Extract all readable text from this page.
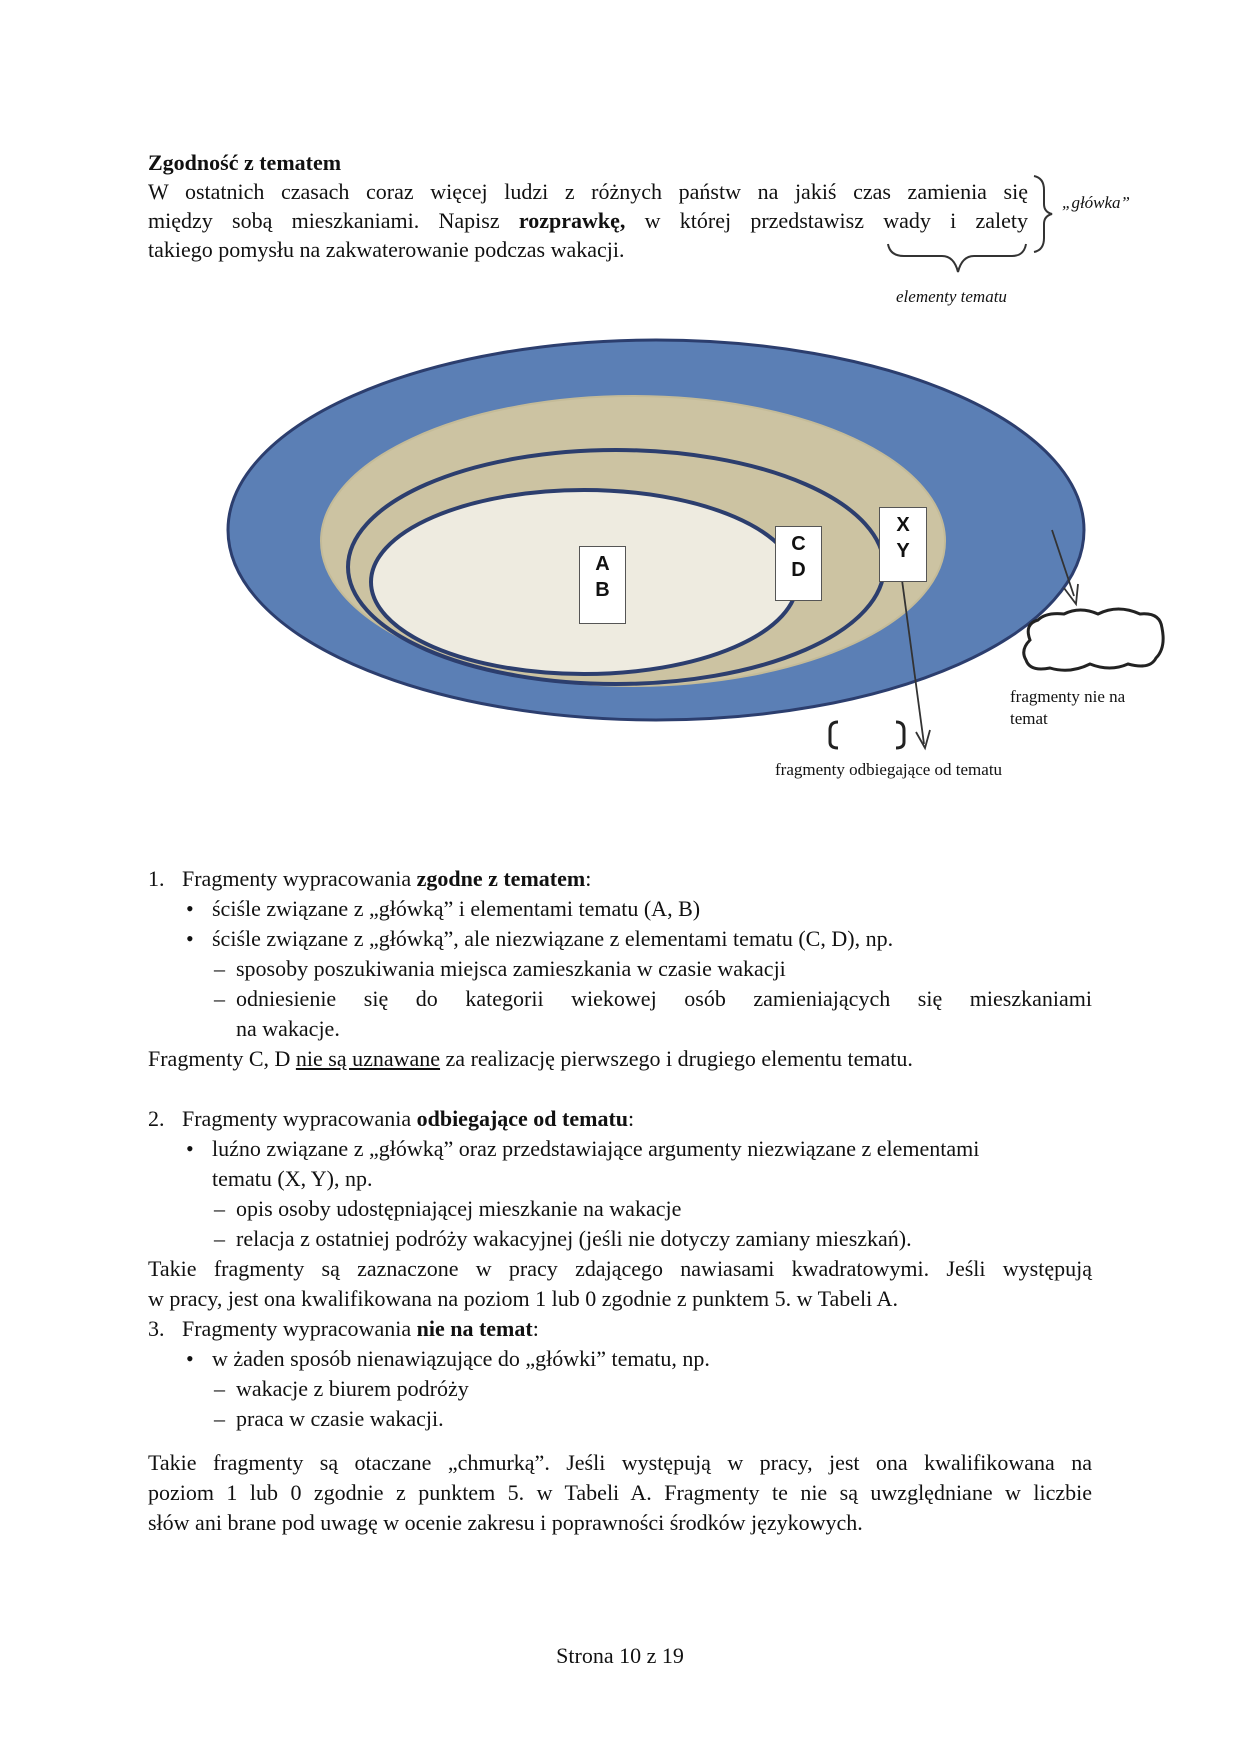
Zgodność z tematem
W ostatnich czasach coraz więcej ludzi z różnych państw na jakiś czas zamienia się
między sobą mieszkaniami. Napisz rozprawkę, w której przedstawisz wady i zalety
takiego pomysłu na zakwaterowanie podczas wakacji.
„główka”
elementy tematu
A
B
C
D
X
Y
fragmenty nie na
temat
fragmenty odbiegające od tematu
1. Fragmenty wypracowania zgodne z tematem:
• ściśle związane z „główką” i elementami tematu (A, B)
• ściśle związane z „główką”, ale niezwiązane z elementami tematu (C, D), np.
– sposoby poszukiwania miejsca zamieszkania w czasie wakacji
– odniesienie się do kategorii wiekowej osób zamieniających się mieszkaniami
na wakacje.
Fragmenty C, D nie są uznawane za realizację pierwszego i drugiego elementu tematu.
2. Fragmenty wypracowania odbiegające od tematu:
• luźno związane z „główką” oraz przedstawiające argumenty niezwiązane z elementami
tematu (X, Y), np.
– opis osoby udostępniającej mieszkanie na wakacje
– relacja z ostatniej podróży wakacyjnej (jeśli nie dotyczy zamiany mieszkań).
Takie fragmenty są zaznaczone w pracy zdającego nawiasami kwadratowymi. Jeśli występują
w pracy, jest ona kwalifikowana na poziom 1 lub 0 zgodnie z punktem 5. w Tabeli A.
3. Fragmenty wypracowania nie na temat:
• w żaden sposób nienawiązujące do „główki” tematu, np.
– wakacje z biurem podróży
– praca w czasie wakacji.
Takie fragmenty są otaczane „chmurką”. Jeśli występują w pracy, jest ona kwalifikowana na
poziom 1 lub 0 zgodnie z punktem 5. w Tabeli A. Fragmenty te nie są uwzględniane w liczbie
słów ani brane pod uwagę w ocenie zakresu i poprawności środków językowych.
Strona 10 z 19
